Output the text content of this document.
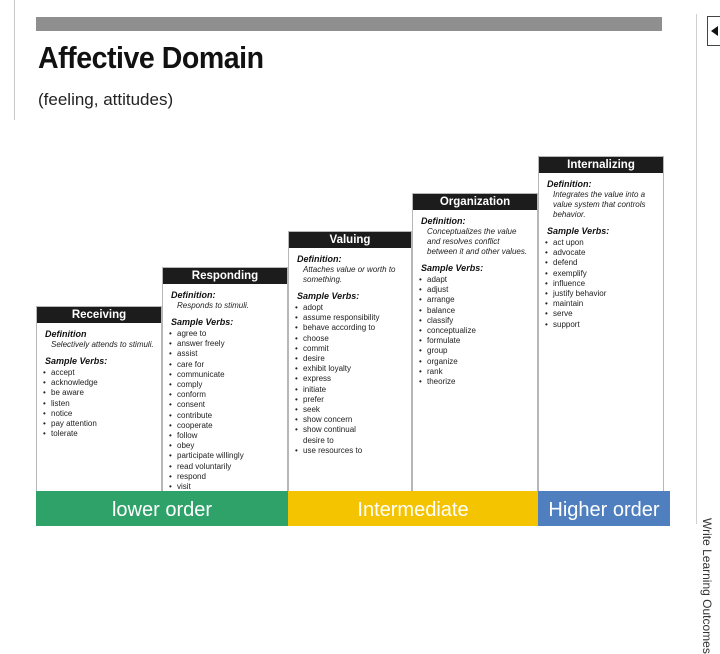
Affective Domain
(feeling, attitudes)
Receiving
Definition
Selectively attends to stimuli.
Sample Verbs:
• accept
• acknowledge
• be aware
• listen
• notice
• pay attention
• tolerate
Responding
Definition:
Responds to stimuli.
Sample Verbs:
• agree to
• answer freely
• assist
• care for
• communicate
• comply
• conform
• consent
• contribute
• cooperate
• follow
• obey
• participate willingly
• read voluntarily
• respond
• visit
•
Valuing
Definition:
Attaches value or worth to something.
Sample Verbs:
• adopt
• assume responsibility
• behave according to
• choose
• commit
• desire
• exhibit loyalty
• express
• initiate
• prefer
• seek
• show concern
• show continual desire to
• use resources to
Organization
Definition:
Conceptualizes the value and resolves conflict between it and other values.
Sample Verbs:
• adapt
• adjust
• arrange
• balance
• classify
• conceptualize
• formulate
• group
• organize
• rank
• theorize
Internalizing
Definition:
Integrates the value into a value system that controls behavior.
Sample Verbs:
• act upon
• advocate
• defend
• exemplify
• influence
• justify behavior
• maintain
• serve
• support
lower order	Intermediate	Higher order
Write Learning Outcomes
